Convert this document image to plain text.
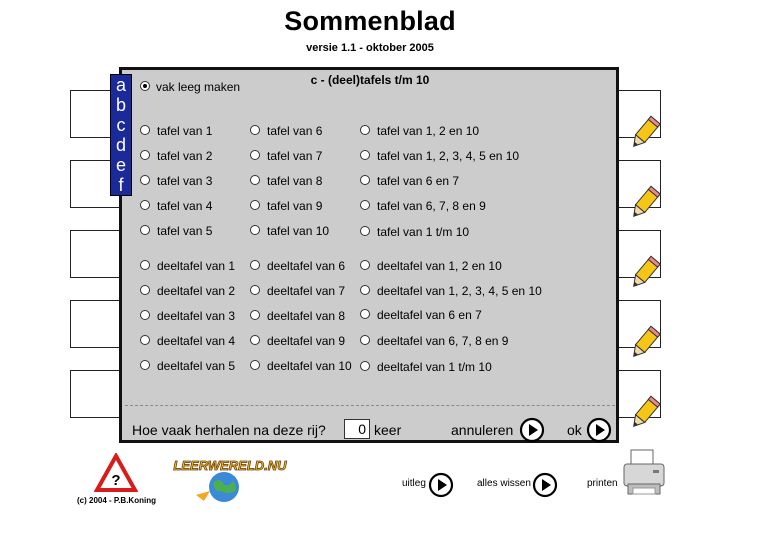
Sommenblad
versie 1.1 - oktober 2005
a
b
c
d
e
f
c - (deel)tafels t/m 10
vak leeg maken
tafel van 1
tafel van 2
tafel van 3
tafel van 4
tafel van 5
tafel van 6
tafel van 7
tafel van 8
tafel van 9
tafel van 10
tafel van 1, 2 en 10
tafel van 1, 2, 3, 4, 5 en 10
tafel van 6 en 7
tafel van 6, 7, 8 en 9
tafel van 1 t/m 10
deeltafel van 1
deeltafel van 2
deeltafel van 3
deeltafel van 4
deeltafel van 5
deeltafel van 6
deeltafel van 7
deeltafel van 8
deeltafel van 9
deeltafel van 10
deeltafel van 1, 2 en 10
deeltafel van 1, 2, 3, 4, 5 en 10
deeltafel van 6 en 7
deeltafel van 6, 7, 8 en 9
deeltafel van 1 t/m 10
Hoe vaak herhalen na deze rij?	0 keer	annuleren	ok
?
(c) 2004 - P.B.Koning
LEERWERELD.NU
uitleg	alles wissen	printen
